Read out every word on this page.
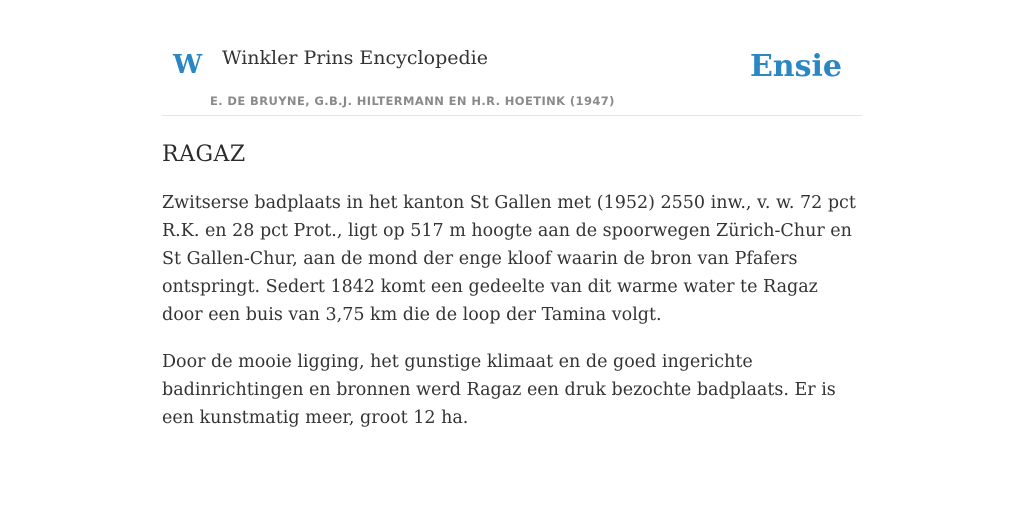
W Winkler Prins Encyclopedie
E. DE BRUYNE, G.B.J. HILTERMANN EN H.R. HOETINK (1947)
Ensie
RAGAZ

Zwitserse badplaats in het kanton St Gallen met (1952) 2550 inw., v. w. 72 pct R.K. en 28 pct Prot., ligt op 517 m hoogte aan de spoorwegen Zürich-Chur en St Gallen-Chur, aan de mond der enge kloof waarin de bron van Pfafers ontspringt. Sedert 1842 komt een gedeelte van dit warme water te Ragaz door een buis van 3,75 km die de loop der Tamina volgt.

Door de mooie ligging, het gunstige klimaat en de goed ingerichte badinrichtingen en bronnen werd Ragaz een druk bezochte badplaats. Er is een kunstmatig meer, groot 12 ha.
